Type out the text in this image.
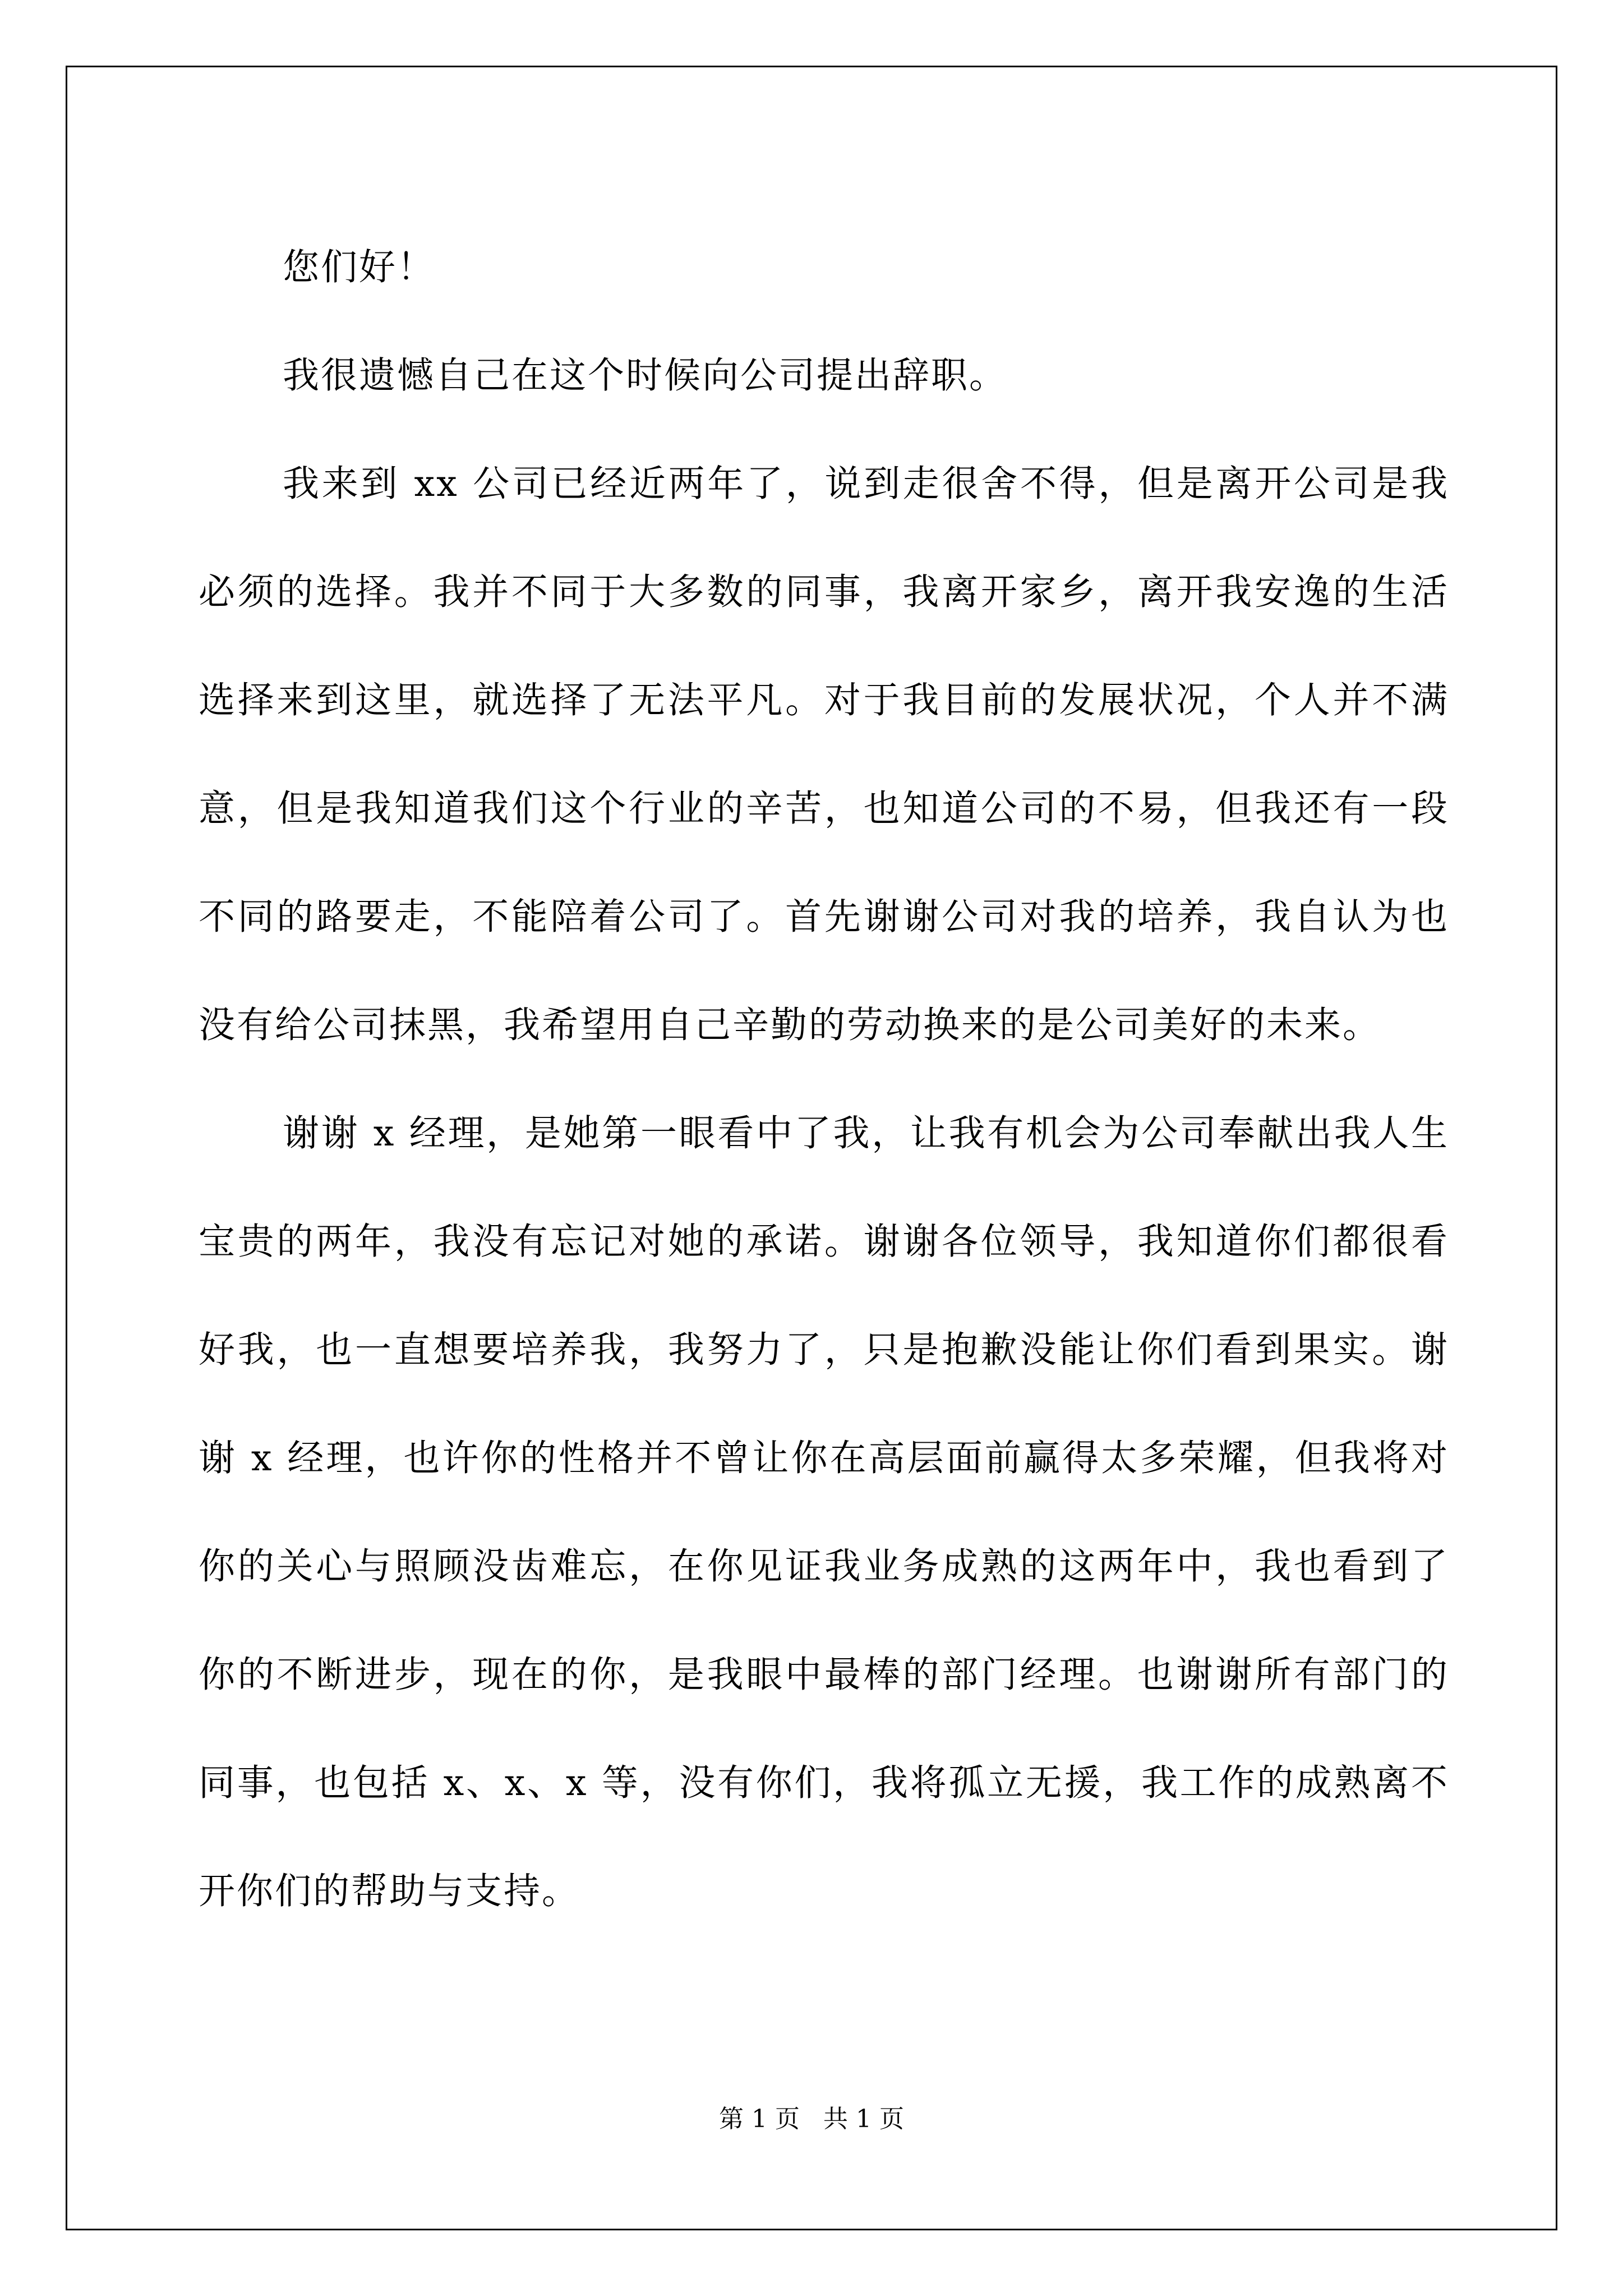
您们好！

我很遗憾自己在这个时候向公司提出辞职。

我来到 xx 公司已经近两年了，说到走很舍不得，但是离开公司是我必须的选择。我并不同于大多数的同事，我离开家乡，离开我安逸的生活选择来到这里，就选择了无法平凡。对于我目前的发展状况，个人并不满意，但是我知道我们这个行业的辛苦，也知道公司的不易，但我还有一段不同的路要走，不能陪着公司了。首先谢谢公司对我的培养，我自认为也没有给公司抹黑，我希望用自己辛勤的劳动换来的是公司美好的未来。

谢谢 x 经理，是她第一眼看中了我，让我有机会为公司奉献出我人生宝贵的两年，我没有忘记对她的承诺。谢谢各位领导，我知道你们都很看好我，也一直想要培养我，我努力了，只是抱歉没能让你们看到果实。谢谢 x 经理，也许你的性格并不曾让你在高层面前赢得太多荣耀，但我将对你的关心与照顾没齿难忘，在你见证我业务成熟的这两年中，我也看到了你的不断进步，现在的你，是我眼中最棒的部门经理。也谢谢所有部门的同事，也包括 x、x、x 等，没有你们，我将孤立无援，我工作的成熟离不开你们的帮助与支持。

第 1 页 共 1 页
